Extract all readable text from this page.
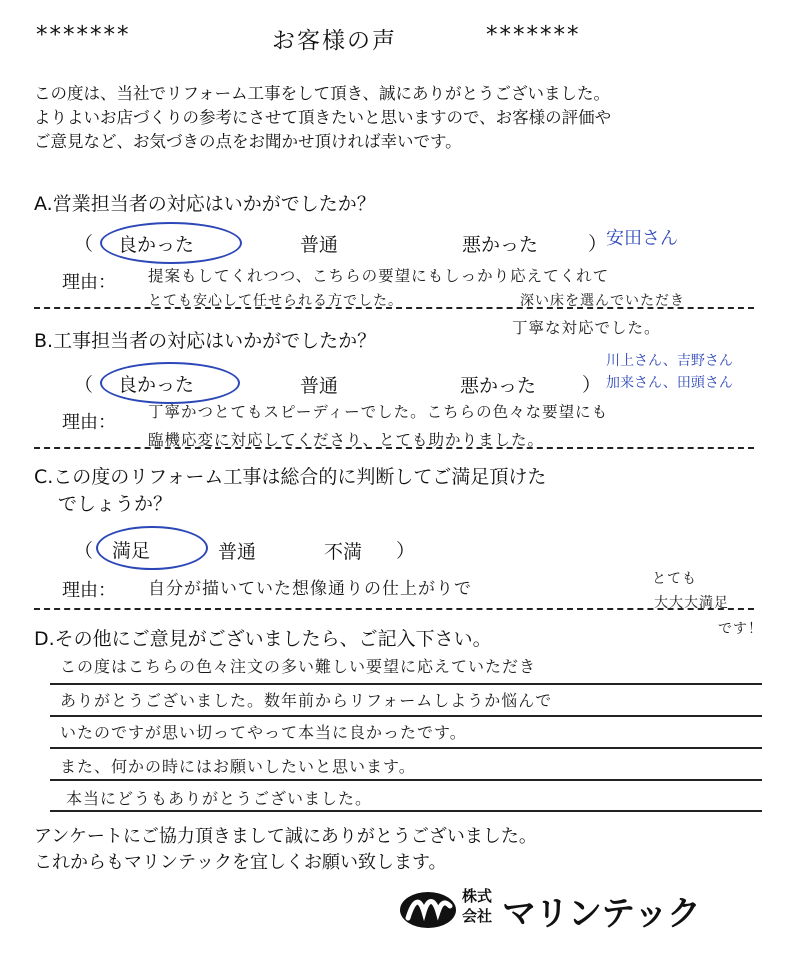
*******	お客様の声	*******
この度は、当社でリフォーム工事をして頂き、誠にありがとうございました。
よりよいお店づくりの参考にさせて頂きたいと思いますので、お客様の評価や
ご意見など、お気づきの点をお聞かせ頂ければ幸いです。
A.営業担当者の対応はいかがでしたか？
（ 良かった	普通	悪かった	）
安田さん
理由： 提案もしてくれつつ、こちらの要望にもしっかり応えてくれて
とても安心して任せられる方でした。	深い床を選んでいただき
B.工事担当者の対応はいかがでしたか？
丁寧な対応でした。
川上さん、吉野さん
加来さん、田頭さん
（ 良かった	普通	悪かった ）
理由： 丁寧かつとてもスピーディーでした。こちらの色々な要望にも
臨機応変に対応してくださり、とても助かりました。
C.この度のリフォーム工事は総合的に判断してご満足頂けた
でしょうか？
（ 満足	普通	不満 ）
理由： 自分が描いていた想像通りの仕上がりで	とても
大大大満足
です！
D.その他にご意見がございましたら、ご記入下さい。
この度はこちらの色々注文の多い難しい要望に応えていただき
ありがとうございました。数年前からリフォームしようか悩んで
いたのですが思い切ってやって本当に良かったです。
また、何かの時にはお願いしたいと思います。
本当にどうもありがとうございました。
アンケートにご協力頂きまして誠にありがとうございました。
これからもマリンテックを宜しくお願い致します。
株式
会社 マリンテック
